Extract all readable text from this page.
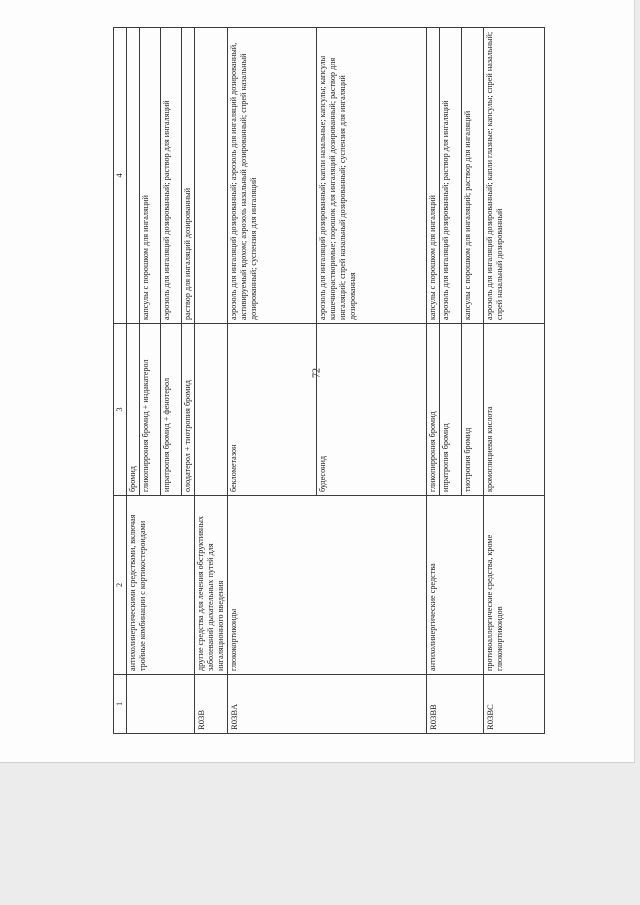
72
1	2	3	4
	антихолинергическими средствами, включая тройные комбинации с кортикостероидами	бромид	
		гликопиррония бромид + индакатерол	капсулы с порошком для ингаляций
		ипратропия бромид + фенотерол	аэрозоль для ингаляций дозированный; раствор для ингаляций
		олодатерол + тиотропия бромид	раствор для ингаляций дозированный
R03B	другие средства для лечения обструктивных заболеваний дыхательных путей для ингаляционного введения		
R03BA	глюкокортикоиды	беклометазон	аэрозоль для ингаляций дозированный; аэрозоль для ингаляций дозированный, активируемый вдохом; аэрозоль назальный дозированный; спрей назальный дозированный; суспензия для ингаляций
		будесонид	аэрозоль для ингаляций дозированный; капли назальные; капсулы; капсулы кишечнорастворимые; порошок для ингаляций дозированный; раствор для ингаляций; спрей назальный дозированный; суспензия для ингаляций дозированная
R03BB	антихолинергические средства	гликопиррония бромид	капсулы с порошком для ингаляций
		ипратропия бромид	аэрозоль для ингаляций дозированный; раствор для ингаляций
		тиотропия бромид	капсулы с порошком для ингаляций; раствор для ингаляций
R03BC	противоаллергические средства, кроме глюкокортикоидов	кромоглициевая кислота	аэрозоль для ингаляций дозированный; капли глазные; капсулы; спрей назальный; спрей назальный дозированный
